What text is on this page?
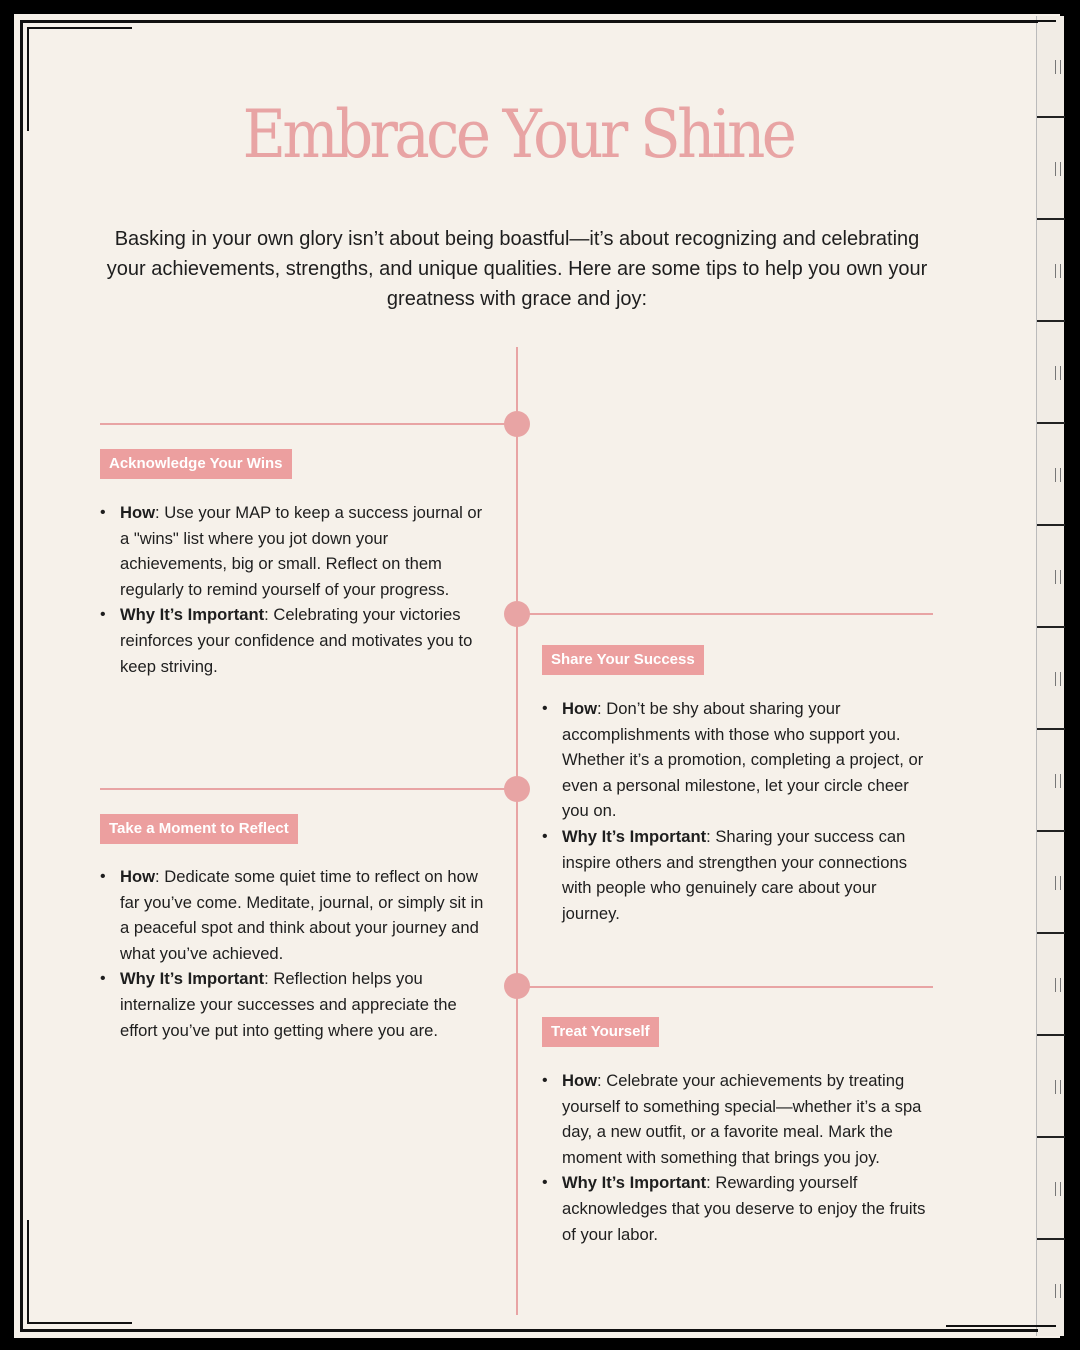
Embrace Your Shine
Basking in your own glory isn’t about being boastful—it’s about recognizing and celebrating your achievements, strengths, and unique qualities. Here are some tips to help you own your greatness with grace and joy:
Acknowledge Your Wins
• How: Use your MAP to keep a success journal or a "wins" list where you jot down your achievements, big or small. Reflect on them regularly to remind yourself of your progress.
• Why It’s Important: Celebrating your victories reinforces your confidence and motivates you to keep striving.	Share Your Success
• How: Don’t be shy about sharing your accomplishments with those who support you. Whether it’s a promotion, completing a project, or even a personal milestone, let your circle cheer you on.
• Why It’s Important: Sharing your success can inspire others and strengthen your connections with people who genuinely care about your journey.
Take a Moment to Reflect
• How: Dedicate some quiet time to reflect on how far you’ve come. Meditate, journal, or simply sit in a peaceful spot and think about your journey and what you’ve achieved.
• Why It’s Important: Reflection helps you internalize your successes and appreciate the effort you’ve put into getting where you are.	Treat Yourself
• How: Celebrate your achievements by treating yourself to something special—whether it’s a spa day, a new outfit, or a favorite meal. Mark the moment with something that brings you joy.
• Why It’s Important: Rewarding yourself acknowledges that you deserve to enjoy the fruits of your labor.
